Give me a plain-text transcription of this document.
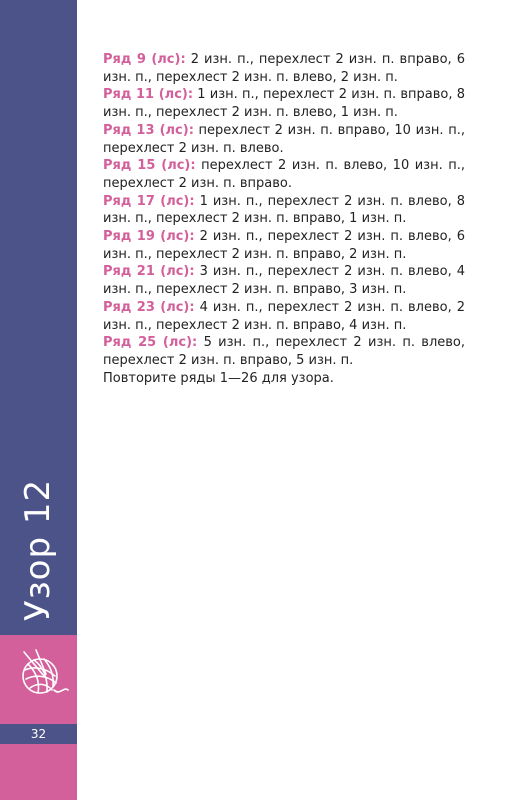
Узор 12
32
Ряд 9 (лс): 2 изн. п., перехлест 2 изн. п. вправо, 6 изн. п., перехлест 2 изн. п. влево, 2 изн. п.
Ряд 11 (лс): 1 изн. п., перехлест 2 изн. п. вправо, 8 изн. п., перехлест 2 изн. п. влево, 1 изн. п.
Ряд 13 (лс): перехлест 2 изн. п. вправо, 10 изн. п., перехлест 2 изн. п. влево.
Ряд 15 (лс): перехлест 2 изн. п. влево, 10 изн. п., перехлест 2 изн. п. вправо.
Ряд 17 (лс): 1 изн. п., перехлест 2 изн. п. влево, 8 изн. п., перехлест 2 изн. п. вправо, 1 изн. п.
Ряд 19 (лс): 2 изн. п., перехлест 2 изн. п. влево, 6 изн. п., перехлест 2 изн. п. вправо, 2 изн. п.
Ряд 21 (лс): 3 изн. п., перехлест 2 изн. п. влево, 4 изн. п., перехлест 2 изн. п. вправо, 3 изн. п.
Ряд 23 (лс): 4 изн. п., перехлест 2 изн. п. влево, 2 изн. п., перехлест 2 изн. п. вправо, 4 изн. п.
Ряд 25 (лс): 5 изн. п., перехлест 2 изн. п. влево, перехлест 2 изн. п. вправо, 5 изн. п.
Повторите ряды 1—26 для узора.
